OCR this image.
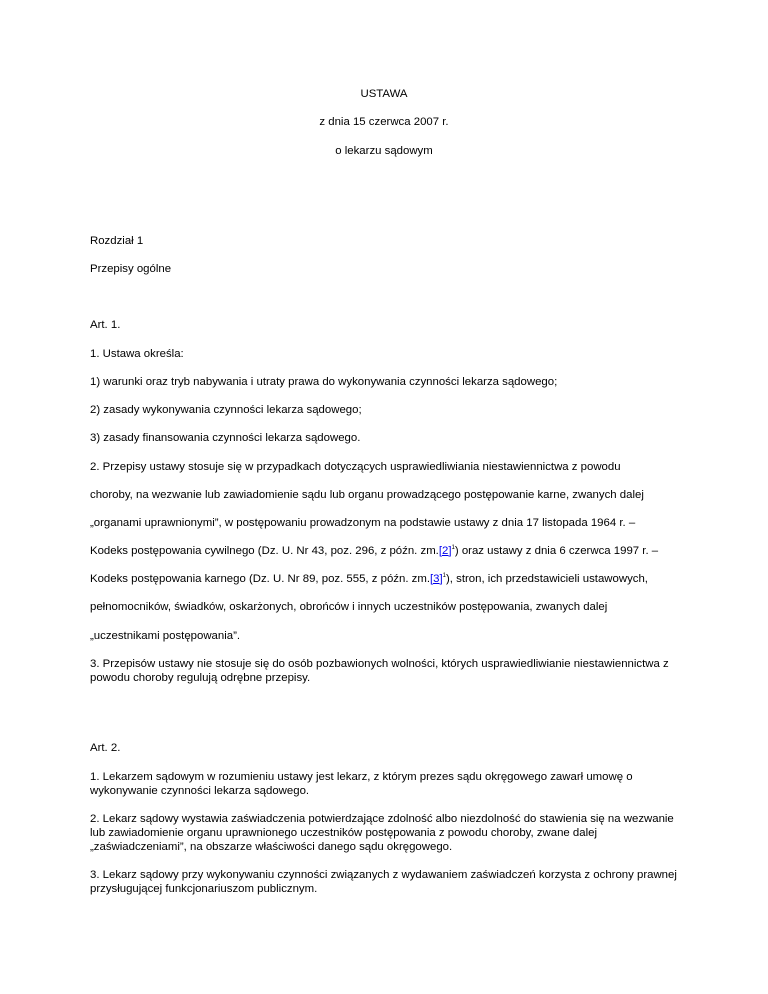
USTAWA
z dnia 15 czerwca 2007 r.
o lekarzu sądowym
Rozdział 1
Przepisy ogólne
Art. 1.
1. Ustawa określa:
1) warunki oraz tryb nabywania i utraty prawa do wykonywania czynności lekarza sądowego;
2) zasady wykonywania czynności lekarza sądowego;
3) zasady finansowania czynności lekarza sądowego.
2. Przepisy ustawy stosuje się w przypadkach dotyczących usprawiedliwiania niestawiennictwa z powodu
choroby, na wezwanie lub zawiadomienie sądu lub organu prowadzącego postępowanie karne, zwanych dalej
„organami uprawnionymi”, w postępowaniu prowadzonym na podstawie ustawy z dnia 17 listopada 1964 r. –
Kodeks postępowania cywilnego (Dz. U. Nr 43, poz. 296, z późn. $zm.[2]^1$) oraz ustawy z dnia 6 czerwca 1997 r. –
Kodeks postępowania karnego (Dz. U. Nr 89, poz. 555, z późn. $zm.[3]^1$), stron, ich przedstawicieli ustawowych,
pełnomocników, świadków, oskarżonych, obrońców i innych uczestników postępowania, zwanych dalej
„uczestnikami postępowania”.
3. Przepisów ustawy nie stosuje się do osób pozbawionych wolności, których usprawiedliwianie niestawiennictwa z powodu choroby regulują odrębne przepisy.
Art. 2.
1. Lekarzem sądowym w rozumieniu ustawy jest lekarz, z którym prezes sądu okręgowego zawarł umowę o wykonywanie czynności lekarza sądowego.
2. Lekarz sądowy wystawia zaświadczenia potwierdzające zdolność albo niezdolność do stawienia się na wezwanie lub zawiadomienie organu uprawnionego uczestników postępowania z powodu choroby, zwane dalej „zaświadczeniami”, na obszarze właściwości danego sądu okręgowego.
3. Lekarz sądowy przy wykonywaniu czynności związanych z wydawaniem zaświadczeń korzysta z ochrony prawnej przysługującej funkcjonariuszom publicznym.
